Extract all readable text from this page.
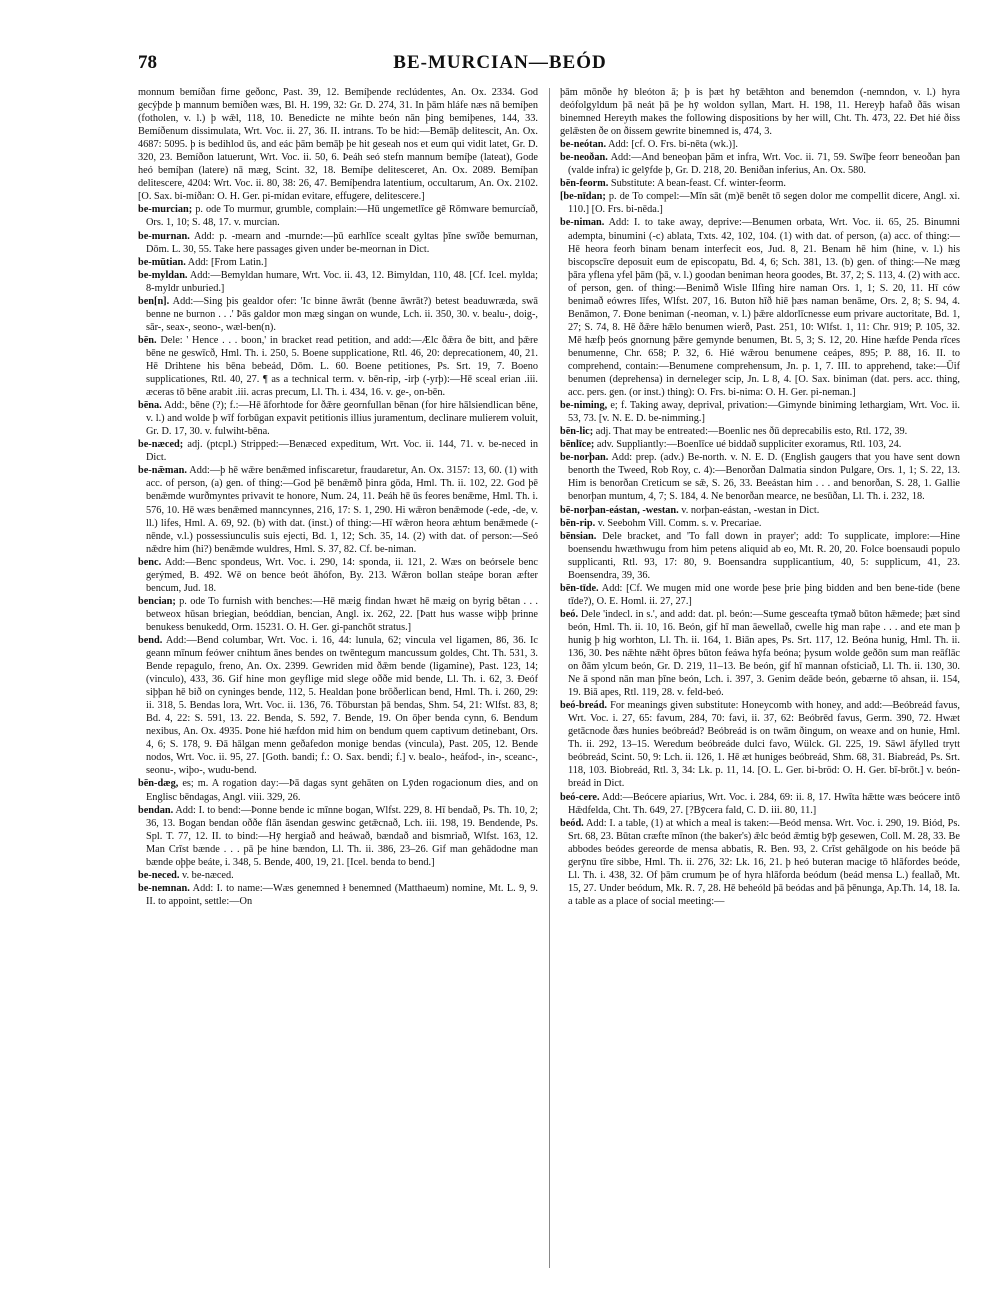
78	BE-MURCIAN—BEÓD
monnum bemíðan firne geðonc, Past. 39, 12. Bemíþende reclúdentes, An. Ox. 2334. God gecýþde þ mannum bemíðen wæs, Bl. H. 199, 32: Gr. D. 274, 31. In þām hláfe næs nā bemíþen (fotholen, v. l.) þ wǣl, 118, 10. Benedicte ne mihte beón nān þing bemiþenes, 144, 33. Bemíðenum dissimulata, Wrt. Voc. ii. 27, 36. II. intrans. To be hid:—Bemāþ delitescit, An. Ox. 4687: 5095. þ is bedihlod ūs, and eác þām bemāþ þe hit geseah nos et eum qui vidit latet, Gr. D. 320, 23. Bemíðon latuerunt, Wrt. Voc. ii. 50, 6. Þeáh seó stefn mannum bemíþe (lateat), Gode heó bemíþan (latere) nā mæg, Scint. 32, 18. Bemíþe delitesceret, An. Ox. 2089. Bemíþan delitescere, 4204: Wrt. Voc. ii. 80, 38: 26, 47. Bemíþendra latentium, occultarum, An. Ox. 2102. [O. Sax. bi-míðan: O. H. Ger. pi-mídan evitare, effugere, delitescere.]
be-murcian; p. ode To murmur, grumble, complain:—Hū ungemetlīce gē Rōmware bemurcíað, Ors. 1, 10; S. 48, 17. v. murcian.
be-murnan. Add: p. -mearn and -murnde:—þū earhlīce scealt gyltas þīne swīðe bemurnan, Dōm. L. 30, 55. Take here passages given under be-meornan in Dict.
be-mūtian. Add: [From Latin.]
be-myldan. Add:—Bemyldan humare, Wrt. Voc. ii. 43, 12. Bimyldan, 110, 48. [Cf. Icel. mylda; 8-myldr unburied.]
ben[n]. Add:—Sing þis gealdor ofer: 'Ic binne āwrāt (benne āwrāt?) betest beaduwræda, swā benne ne burnon . . .' Þās galdor mon mæg singan on wunde, Lch. ii. 350, 30. v. bealu-, doig-, sār-, seax-, seono-, wæl-ben(n).
bēn. Dele: ' Hence . . . boon,' in bracket read petition, and add:—Ælc ðǣra ðe bitt, and þǣre bēne ne geswīcð, Hml. Th. i. 250, 5. Boene supplicatione, Rtl. 46, 20: deprecationem, 40, 21. Hē Drihtene his bēna bebeád, Dōm. L. 60. Boene petitiones, Ps. Srt. 19, 7. Boeno supplicationes, Rtl. 40, 27. ¶ as a technical term. v. bēn-rip, -irþ (-yrþ):—Hē sceal erian .iii. æceras tō bēne arabit .iii. acras precum, Ll. Th. i. 434, 16. v. ge-, on-bēn.
bēna. Add:, bēne (?); f.:—Hē āforhtode for ðǣre geornfullan bēnan (for hire hālsiendlican bēne, v. l.) and wolde þ wīf forbūgan expavit petitionis illius juramentum, declinare mulierem voluit, Gr. D. 17, 30. v. fulwiht-bēna.
be-næced; adj. (ptcpl.) Stripped:—Benæced expeditum, Wrt. Voc. ii. 144, 71. v. be-neced in Dict.
be-nǣman. Add:—þ hē wǣre benǣmed infiscaretur, fraudaretur, An. Ox. 3157: 13, 60. (1) with acc. of person, (a) gen. of thing:—God þē benǣmð þinra gōda, Hml. Th. ii. 102, 22. God þē benǣmde wurðmyntes privavit te honore, Num. 24, 11. Þeáh hē ūs feores benǣme, Hml. Th. i. 576, 10. Hē wæs benǣmed manncynnes, 216, 17: S. 1, 290. Hi wǣron benǣmode (-ede, -de, v. ll.) lifes, Hml. A. 69, 92. (b) with dat. (inst.) of thing:—Hī wǣron heora æhtum benǣmede (-nēnde, v.l.) possessiunculis suis ejecti, Bd. 1, 12; Sch. 35, 14. (2) with dat. of person:—Seó nǣdre him (hi?) benǣmde wuldres, Hml. S. 37, 82. Cf. be-niman.
benc. Add:—Benc spondeus, Wrt. Voc. i. 290, 14: sponda, ii. 121, 2. Wæs on beórsele benc gerýmed, B. 492. Wē on bence beót āhófon, By. 213. Wǣron bollan steápe boran æfter bencum, Jud. 18.
bencian; p. ode To furnish with benches:—Hē mæig findan hwæt hē mæig on byrig bētan . . . betweox hūsan briegian, beóddian, bencian, Angl. ix. 262, 22. [Þatt hus wasse wiþþ þrinne benukess benukedd, Orm. 15231. O. H. Ger. gi-panchōt stratus.]
bend. Add:—Bend columbar, Wrt. Voc. i. 16, 44: lunula, 62; vincula vel ligamen, 86, 36. Ic geann mīnum feówer cnihtum ānes bendes on twēntegum mancussum goldes, Cht. Th. 531, 3. Bende repagulo, freno, An. Ox. 2399. Gewriden mid ðǣm bende (ligamine), Past. 123, 14; (vinculo), 433, 36. Gif hine mon geyflige mid slege oððe mid bende, Ll. Th. i. 62, 3. Ðeóf siþþan hē bið on cyninges bende, 112, 5. Healdan þone brōðerlican bend, Hml. Th. i. 260, 29: ii. 318, 5. Bendas lora, Wrt. Voc. ii. 136, 76. Tōburstan þā bendas, Shm. 54, 21: Wlfst. 83, 8; Bd. 4, 22: S. 591, 13. 22. Benda, S. 592, 7. Bende, 19. On ōþer benda cynn, 6. Bendum nexibus, An. Ox. 4935. Þone hié hæfdon mid him on bendum quem captivum detinebant, Ors. 4, 6; S. 178, 9. Ðā hālgan menn geðafedon monige bendas (vincula), Past. 205, 12. Bende nodos, Wrt. Voc. ii. 95, 27. [Goth. bandi; f.: O. Sax. bendi; f.] v. bealo-, heáfod-, in-, sceanc-, seonu-, wiþo-, wudu-bend.
bēn-dæg, es; m. A rogation day:—Þā dagas synt gehāten on Lȳden rogacionum dies, and on Englisc bēndagas, Angl. viii. 329, 26.
bendan. Add: I. to bend:—Þonne bende ic mīnne bogan, Wlfst. 229, 8. Hī bendað, Ps. Th. 10, 2; 36, 13. Bogan bendan oððe flān āsendan geswinc getǣcnað, Lch. iii. 198, 19. Bendende, Ps. Spl. T. 77, 12. II. to bind:—Hȳ hergiað and heáwað, bændað and bismriað, Wlfst. 163, 12. Man Crīst bænde . . . pā þe hine bændon, Ll. Th. ii. 386, 23–26. Gif man gehādodne man bænde oþþe beáte, i. 348, 5. Bende, 400, 19, 21. [Icel. benda to bend.]
be-neced. v. be-næced.
be-nemnan. Add: I. to name:—Wæs genemned ł benemned (Matthaeum) nomine, Mt. L. 9, 9. II. to appoint, settle:—On
þām mōnðe hȳ bleóton ā; þ is þæt hȳ betǣhton and benemdon (-nemndon, v. l.) hyra deófolgyldum þā neát þā þe hȳ woldon syllan, Mart. H. 198, 11. Hereyþ hafað ðās wisan binemned Hereyth makes the following dispositions by her will, Cht. Th. 473, 22. Ðet hié ðiss gelǣsten ðe on ðissem gewrite binemned is, 474, 3.
be-neótan. Add: [cf. O. Frs. bi-nēta (wk.)].
be-neoðan. Add:—And beneoþan þām et infra, Wrt. Voc. ii. 71, 59. Swīþe feorr beneoðan þan (valde infra) ic gelȳfde þ, Gr. D. 218, 20. Beniðan inferius, An. Ox. 580.
bēn-feorm. Substitute: A bean-feast. Cf. winter-feorm.
[be-nīdan; p. de To compel:—Mīn sāt (m)ē benēt tō segen dolor me compellit dicere, Angl. xi. 110.] [O. Frs. bi-nēda.]
be-niman. Add: I. to take away, deprive:—Benumen orbata, Wrt. Voc. ii. 65, 25. Binumni adempta, binumini (-c) ablata, Txts. 42, 102, 104. (1) with dat. of person, (a) acc. of thing:—Hē heora feorh binam benam interfecit eos, Jud. 8, 21. Benam hē him (hine, v. l.) his biscopscīre deposuit eum de episcopatu, Bd. 4, 6; Sch. 381, 13. (b) gen. of thing:—Ne mæg þāra yflena yfel þām (þā, v. l.) goodan beniman heora goodes, Bt. 37, 2; S. 113, 4. (2) with acc. of person, gen. of thing:—Benimð Wisle Ilfing hire naman Ors. 1, 1; S. 20, 11. Hī ców benimað eówres līfes, Wlfst. 207, 16. Buton hīð hiē þæs naman benāme, Ors. 2, 8; S. 94, 4. Benāmon, 7. Ðone beniman (-neoman, v. l.) þǣre aldorlīcnesse eum privare auctoritate, Bd. 1, 27; S. 74, 8. Hē ðǣre hǣlo benumen wierð, Past. 251, 10: Wlfst. 1, 11: Chr. 919; P. 105, 32. Mē hæfþ þeós gnornung þǣre gemynde benumen, Bt. 5, 3; S. 12, 20. Hine hæfde Penda rīces benumenne, Chr. 658; P. 32, 6. Hié wǣrou benumene ceápes, 895; P. 88, 16. II. to comprehend, contain:—Benumene comprehensum, Jn. p. 1, 7. III. to apprehend, take:—Ūif benumen (deprehensa) in derneleger scip, Jn. L 8, 4. [O. Sax. biniman (dat. pers. acc. thing, acc. pers. gen. (or inst.) thing): O. Frs. bi-nima: O. H. Ger. pi-neman.]
be-niming, e; f. Taking away, deprival, privation:—Gimynde biniming lethargiam, Wrt. Voc. ii. 53, 73. [v. N. E. D. be-nimming.]
bēn-lic; adj. That may be entreated:—Boenlic nes ðū deprecabilis esto, Rtl. 172, 39.
bēnlīce; adv. Suppliantly:—Boenlīce ué biddað suppliciter exoramus, Rtl. 103, 24.
be-norþan. Add: prep. (adv.) Be-north. v. N. E. D. (English gaugers that you have sent down benorth the Tweed, Rob Roy, c. 4):—Benorðan Dalmatia sindon Pulgare, Ors. 1, 1; S. 22, 13. Him is benorðan Creticum se sǣ, S. 26, 33. Beeástan him . . . and benorðan, S. 28, 1. Gallie benorþan muntum, 4, 7; S. 184, 4. Ne benorðan mearce, ne besūðan, Ll. Th. i. 232, 18.
bē-norþan-eástan, -westan. v. norþan-eástan, -westan in Dict.
bēn-rip. v. Seebohm Vill. Comm. s. v. Precariae.
bēnsian. Dele bracket, and 'To fall down in prayer'; add: To supplicate, implore:—Hine boensendu hwæthwugu from him petens aliquid ab eo, Mt. R. 20, 20. Folce boensaudi populo supplicanti, Rtl. 93, 17: 80, 9. Boensandra supplicantium, 40, 5: supplicum, 41, 23. Boensendra, 39, 36.
bēn-tīde. Add: [Cf. We mugen mid one worde þese þrie þing bidden and ben bene-tide (bene tīde?), O. E. Homl. ii. 27, 27.]
beó. Dele 'indecl. in s.', and add: dat. pl. beón:—Sume gesceafta tȳmað būton hǣmede; þæt sind beón, Hml. Th. ii. 10, 16. Beón, gif hī man āewellað, cwelle hig man raþe . . . and ete man þ hunig þ hig worhton, Ll. Th. ii. 164, 1. Biān apes, Ps. Srt. 117, 12. Beóna hunig, Hml. Th. ii. 136, 30. Þes nǣhte nǣht ōþres būton feáwa hȳfa beóna; þysum wolde geðōn sum man reāflāc on ðām ylcum beón, Gr. D. 219, 11–13. Be beón, gif hī mannan ofsticiað, Ll. Th. ii. 130, 30. Ne ā spond nān man þīne beón, Lch. i. 397, 3. Genim deāde beón, gebærne tō ahsan, ii. 154, 19. Biā apes, Rtl. 119, 28. v. feld-beó.
beó-breád. For meanings given substitute: Honeycomb with honey, and add:—Beóbreád favus, Wrt. Voc. i. 27, 65: favum, 284, 70: favi, ii. 37, 62: Beóbrēd favus, Germ. 390, 72. Hwæt getācnode ðæs hunies beóbreád? Beóbreád is on twām ðingum, on weaxe and on hunie, Hml. Th. ii. 292, 13–15. Weredum beóbreáde dulci favo, Wülck. Gl. 225, 19. Sāwl āfylled trytt beóbreád, Scint. 50, 9: Lch. ii. 126, 1. Hē æt huniges beóbreád, Shm. 68, 31. Biabreád, Ps. Srt. 118, 103. Biobreád, Rtl. 3, 34: Lk. p. 11, 14. [O. L. Ger. bi-bröd: O. H. Ger. bī-brōt.] v. beón-breád in Dict.
beó-cere. Add:—Beócere apiarius, Wrt. Voc. i. 284, 69: ii. 8, 17. Hwīta hǣtte wæs beócere intō Hǣdfelda, Cht. Th. 649, 27. [?Bȳcera fald, C. D. iii. 80, 11.]
beód. Add: I. a table, (1) at which a meal is taken:—Beód mensa. Wrt. Voc. i. 290, 19. Biód, Ps. Srt. 68, 23. Būtan cræfte mīnon (the baker's) ǣlc beód ǣmtig bȳþ gesewen, Coll. M. 28, 33. Be abbodes beódes gereorde de mensa abbatis, R. Ben. 93, 2. Crīst gehālgode on his beóde þā gerȳnu tīre sibbe, Hml. Th. ii. 276, 32: Lk. 16, 21. þ heó buteran macige tō hlāfordes beóde, Ll. Th. i. 438, 32. Of þām crumum þe of hyra hlāforda beódum (beád mensa L.) feallað, Mt. 15, 27. Under beódum, Mk. R. 7, 28. Hē beheóld þā beódas and þā þēnunga, Ap.Th. 14, 18. Ia. a table as a place of social meeting:—
